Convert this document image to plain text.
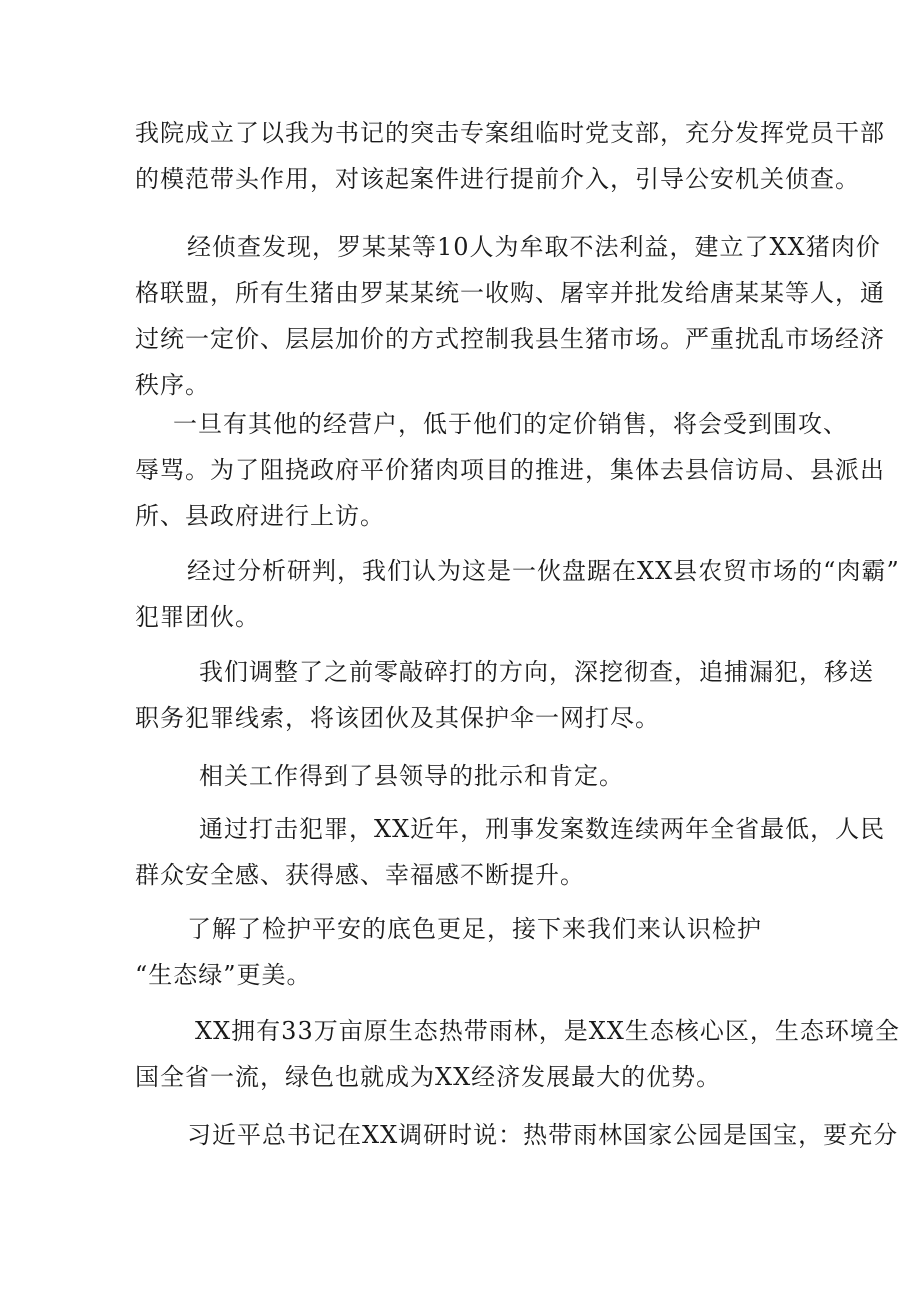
我院成立了以我为书记的突击专案组临时党支部，充分发挥党员干部
的模范带头作用，对该起案件进行提前介入，引导公安机关侦查。
经侦查发现，罗某某等10人为牟取不法利益，建立了XX猪肉价
格联盟，所有生猪由罗某某统一收购、屠宰并批发给唐某某等人，通
过统一定价、层层加价的方式控制我县生猪市场。严重扰乱市场经济
秩序。
一旦有其他的经营户，低于他们的定价销售，将会受到围攻、
辱骂。为了阻挠政府平价猪肉项目的推进，集体去县信访局、县派出
所、县政府进行上访。
经过分析研判，我们认为这是一伙盘踞在XX县农贸市场的“肉霸”
犯罪团伙。
我们调整了之前零敲碎打的方向，深挖彻查，追捕漏犯，移送
职务犯罪线索，将该团伙及其保护伞一网打尽。
相关工作得到了县领导的批示和肯定。
通过打击犯罪，XX近年，刑事发案数连续两年全省最低，人民
群众安全感、获得感、幸福感不断提升。
了解了检护平安的底色更足，接下来我们来认识检护
“生态绿”更美。
XX拥有33万亩原生态热带雨林，是XX生态核心区，生态环境全
国全省一流，绿色也就成为XX经济发展最大的优势。
习近平总书记在XX调研时说：热带雨林国家公园是国宝，要充分
